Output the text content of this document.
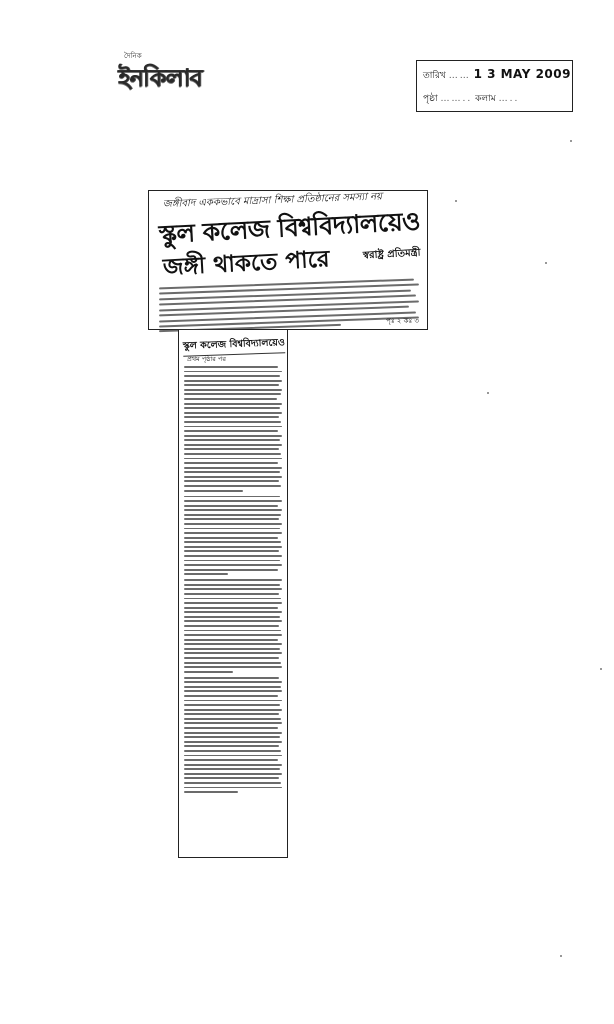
দৈনিক
ইনকিলাব	তারিখ …… 1 3 MAY 2009
পৃষ্ঠা …….. কলাম …..
জঙ্গীবাদ এককভাবে মাদ্রাসা শিক্ষা প্রতিষ্ঠানের সমস্যা নয়
স্কুল কলেজ বিশ্ববিদ্যালয়েও
জঙ্গী থাকতে পারে	স্বরাষ্ট্র প্রতিমন্ত্রী
পৃঃ ২ কঃ ৩
স্কুল কলেজ বিশ্ববিদ্যালয়েও
প্রথম পৃষ্ঠার পর
